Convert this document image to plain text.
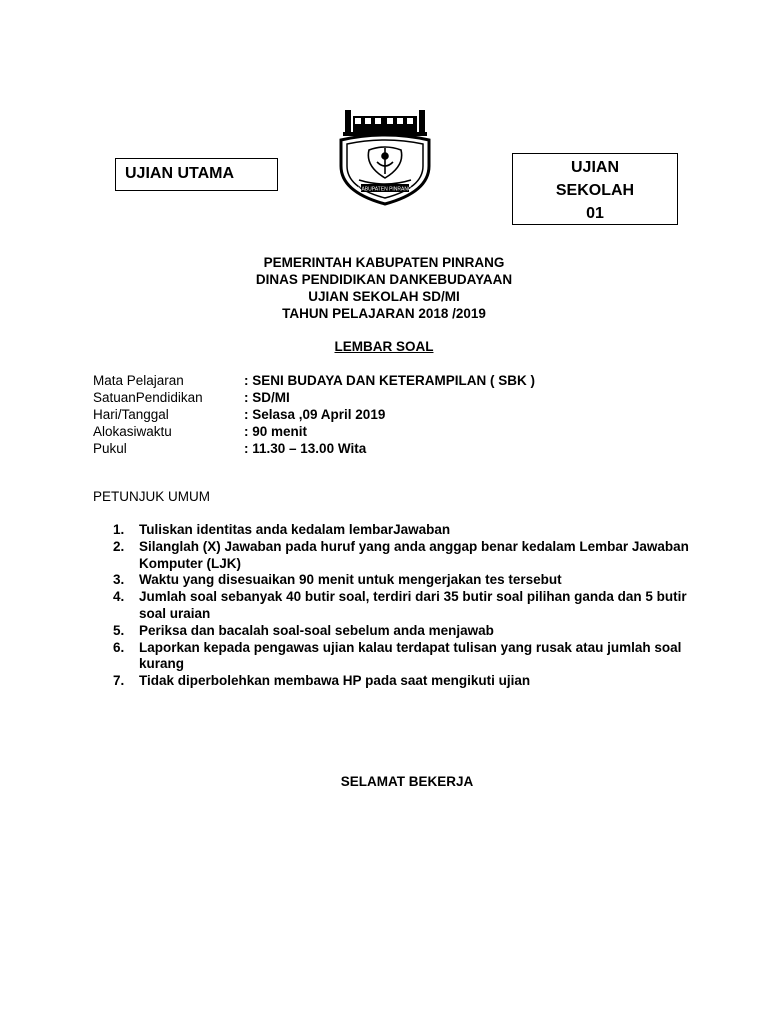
UJIAN UTAMA
KABUPATEN PINRANG
UJIAN
SEKOLAH
01
PEMERINTAH KABUPATEN PINRANG
DINAS PENDIDIKAN DANKEBUDAYAAN
UJIAN SEKOLAH SD/MI
TAHUN PELAJARAN 2018 /2019
LEMBAR SOAL
Mata Pelajaran	: SENI BUDAYA DAN KETERAMPILAN ( SBK )
SatuanPendidikan	: SD/MI
Hari/Tanggal	: Selasa ,09 April 2019
Alokasiwaktu	: 90 menit
Pukul	: 11.30 – 13.00 Wita
PETUNJUK UMUM
1.	Tuliskan identitas anda kedalam lembarJawaban
2.	Silanglah (X) Jawaban pada huruf yang anda anggap benar kedalam Lembar Jawaban Komputer (LJK)
3.	Waktu yang disesuaikan 90 menit untuk mengerjakan tes tersebut
4.	Jumlah soal sebanyak 40 butir soal, terdiri dari 35 butir soal pilihan ganda dan 5 butir soal uraian
5.	Periksa dan bacalah soal-soal sebelum anda menjawab
6.	Laporkan kepada pengawas ujian kalau terdapat tulisan yang rusak atau jumlah soal kurang
7.	Tidak diperbolehkan membawa HP pada saat mengikuti ujian
SELAMAT BEKERJA
